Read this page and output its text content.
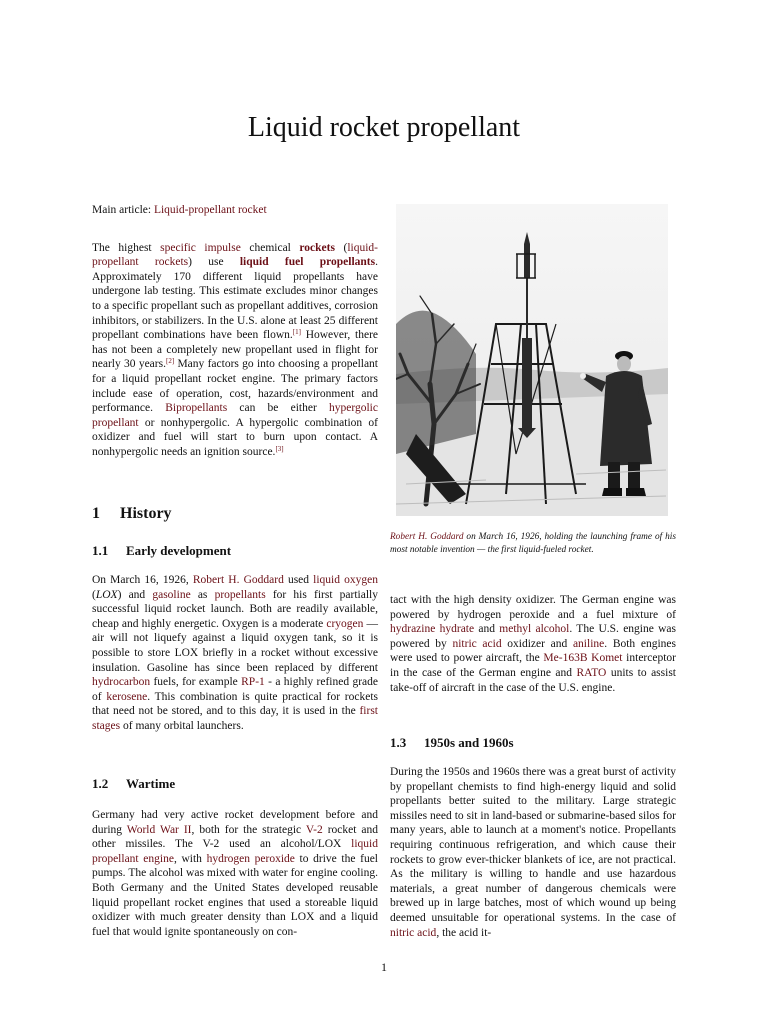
Liquid rocket propellant

Main article: Liquid-propellant rocket

The highest specific impulse chemical rockets (liquid-propellant rockets) use liquid fuel propellants. Approximately 170 different liquid propellants have undergone lab testing. This estimate excludes minor changes to a specific propellant such as propellant additives, corrosion inhibitors, or stabilizers. In the U.S. alone at least 25 different propellant combinations have been flown.[1] However, there has not been a completely new propellant used in flight for nearly 30 years.[2] Many factors go into choosing a propellant for a liquid propellant rocket engine. The primary factors include ease of operation, cost, hazards/environment and performance. Bipropellants can be either hypergolic propellant or nonhypergolic. A hypergolic combination of oxidizer and fuel will start to burn upon contact. A nonhypergolic needs an ignition source.[3]

1 History
1.1 Early development

On March 16, 1926, Robert H. Goddard used liquid oxygen (LOX) and gasoline as propellants for his first partially successful liquid rocket launch. Both are readily available, cheap and highly energetic. Oxygen is a moderate cryogen — air will not liquefy against a liquid oxygen tank, so it is possible to store LOX briefly in a rocket without excessive insulation. Gasoline has since been replaced by different hydrocarbon fuels, for example RP-1 - a highly refined grade of kerosene. This combination is quite practical for rockets that need not be stored, and to this day, it is used in the first stages of many orbital launchers.

1.2 Wartime

Germany had very active rocket development before and during World War II, both for the strategic V-2 rocket and other missiles. The V-2 used an alcohol/LOX liquid propellant engine, with hydrogen peroxide to drive the fuel pumps. The alcohol was mixed with water for engine cooling. Both Germany and the United States developed reusable liquid propellant rocket engines that used a storeable liquid oxidizer with much greater density than LOX and a liquid fuel that would ignite spontaneously on con-

Robert H. Goddard on March 16, 1926, holding the launching frame of his most notable invention — the first liquid-fueled rocket.

tact with the high density oxidizer. The German engine was powered by hydrogen peroxide and a fuel mixture of hydrazine hydrate and methyl alcohol. The U.S. engine was powered by nitric acid oxidizer and aniline. Both engines were used to power aircraft, the Me-163B Komet interceptor in the case of the German engine and RATO units to assist take-off of aircraft in the case of the U.S. engine.

1.3 1950s and 1960s

During the 1950s and 1960s there was a great burst of activity by propellant chemists to find high-energy liquid and solid propellants better suited to the military. Large strategic missiles need to sit in land-based or submarine-based silos for many years, able to launch at a moment's notice. Propellants requiring continuous refrigeration, and which cause their rockets to grow ever-thicker blankets of ice, are not practical. As the military is willing to handle and use hazardous materials, a great number of dangerous chemicals were brewed up in large batches, most of which wound up being deemed unsuitable for operational systems. In the case of nitric acid, the acid it-

1
